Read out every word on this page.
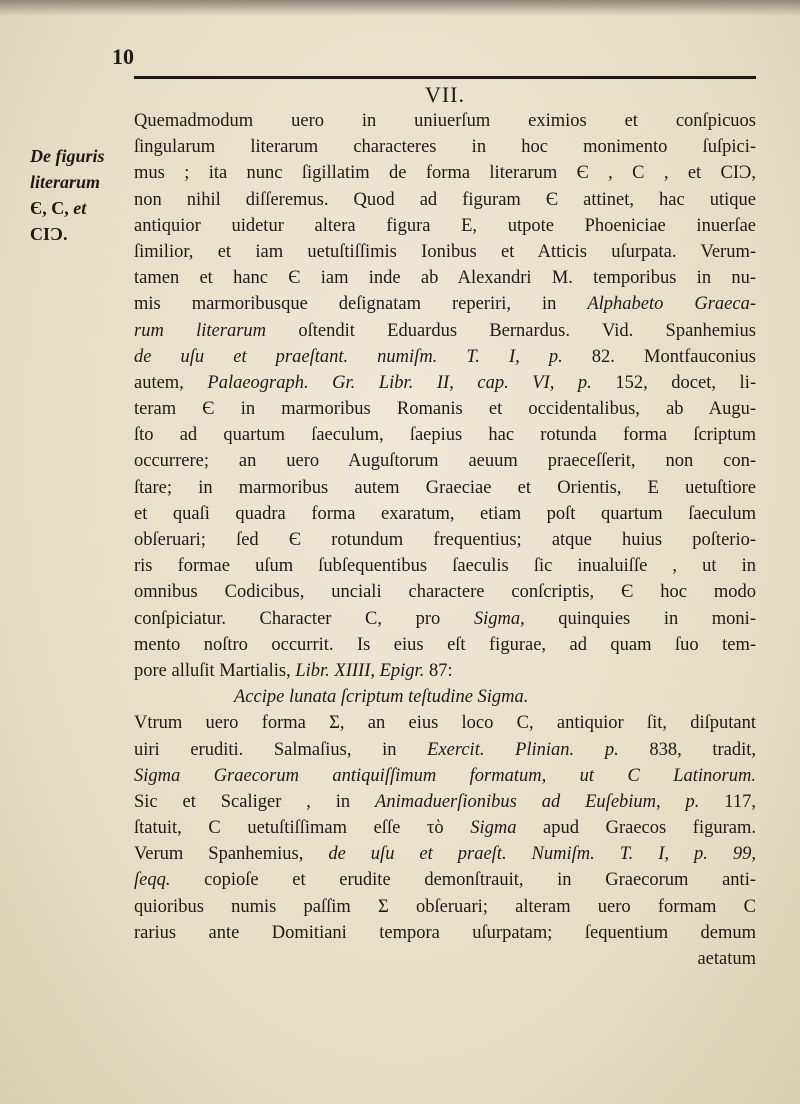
10
VII.
De figuris
literarum
Є, C, et
CIϽ.
Quemadmodum uero in uniuerſum eximios et conſpicuos
ſingularum literarum characteres in hoc monimento ſuſpici-
mus ; ita nunc ſigillatim de forma literarum Є , C , et CIϽ,
non nihil diſſeremus. Quod ad figuram Є attinet, hac utique
antiquior uidetur altera figura E, utpote Phoeniciae inuerſae
ſimilior, et iam uetuſtiſſimis Ionibus et Atticis uſurpata. Verum-
tamen et hanc Є iam inde ab Alexandri M. temporibus in nu-
mis marmoribusque deſignatam reperiri, in Alphabeto Graeca-
rum literarum oſtendit Eduardus Bernardus. Vid. Spanhemius
de uſu et praeſtant. numiſm. T. I, p. 82. Montfauconius
autem, Palaeograph. Gr. Libr. II, cap. VI, p. 152, docet, li-
teram Є in marmoribus Romanis et occidentalibus, ab Augu-
ſto ad quartum ſaeculum, ſaepius hac rotunda forma ſcriptum
occurrere; an uero Auguſtorum aeuum praeceſſerit, non con-
ſtare; in marmoribus autem Graeciae et Orientis, E uetuſtiore
et quaſi quadra forma exaratum, etiam poſt quartum ſaeculum
obſeruari; ſed Є rotundum frequentius; atque huius poſterio-
ris formae uſum ſubſequentibus ſaeculis ſic inualuiſſe , ut in
omnibus Codicibus, unciali charactere conſcriptis, Є hoc modo
conſpiciatur. Character C, pro Sigma, quinquies in moni-
mento noſtro occurrit. Is eius eſt figurae, ad quam ſuo tem-
pore alluſit Martialis, Libr. XIIII, Epigr. 87:
Accipe lunata ſcriptum teſtudine Sigma.
Vtrum uero forma Σ, an eius loco C, antiquior ſit, diſputant
uiri eruditi. Salmaſius, in Exercit. Plinian. p. 838, tradit,
Sigma Graecorum antiquiſſimum formatum, ut C Latinorum.
Sic et Scaliger , in Animaduerſionibus ad Euſebium, p. 117,
ſtatuit, C uetuſtiſſimam eſſe τὸ Sigma apud Graecos figuram.
Verum Spanhemius, de uſu et praeſt. Numiſm. T. I, p. 99,
ſeqq. copioſe et erudite demonſtrauit, in Graecorum anti-
quioribus numis paſſim Σ obſeruari; alteram uero formam C
rarius ante Domitiani tempora uſurpatam; ſequentium demum
aetatum
